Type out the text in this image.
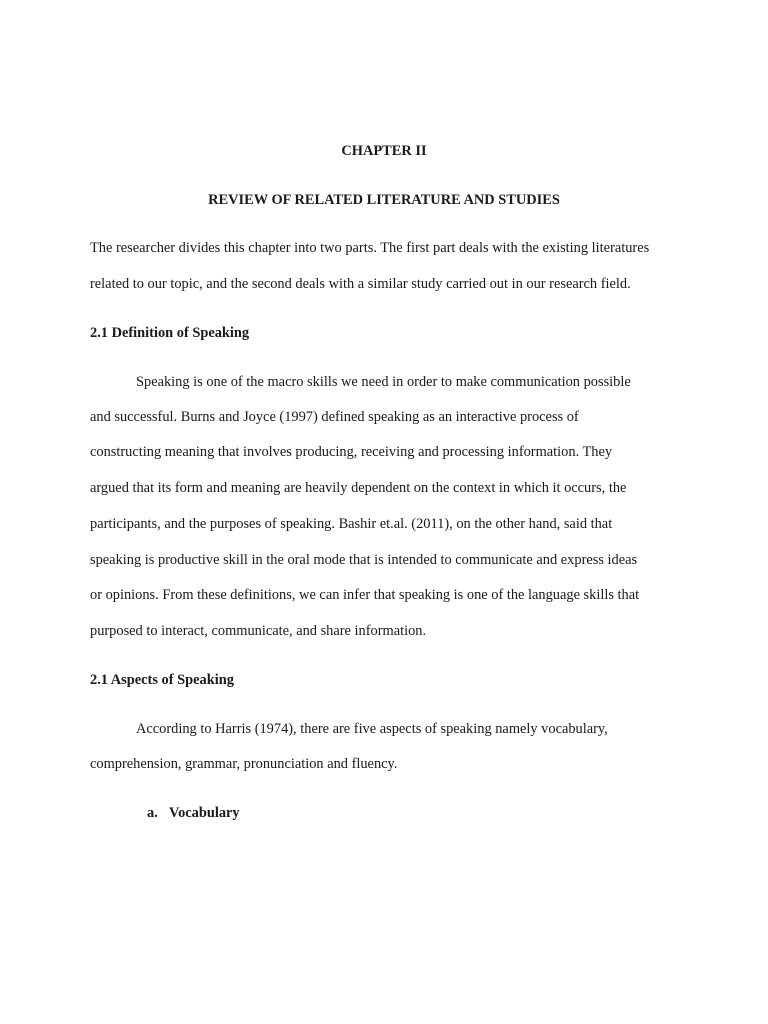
CHAPTER II
REVIEW OF RELATED LITERATURE AND STUDIES
The researcher divides this chapter into two parts. The first part deals with the existing literatures
related to our topic, and the second deals with a similar study carried out in our research field.
2.1 Definition of Speaking
Speaking is one of the macro skills we need in order to make communication possible
and successful. Burns and Joyce (1997) defined speaking as an interactive process of
constructing meaning that involves producing, receiving and processing information. They
argued that its form and meaning are heavily dependent on the context in which it occurs, the
participants, and the purposes of speaking. Bashir et.al. (2011), on the other hand, said that
speaking is productive skill in the oral mode that is intended to communicate and express ideas
or opinions. From these definitions, we can infer that speaking is one of the language skills that
purposed to interact, communicate, and share information.
2.1 Aspects of Speaking
According to Harris (1974), there are five aspects of speaking namely vocabulary,
comprehension, grammar, pronunciation and fluency.
a. Vocabulary
